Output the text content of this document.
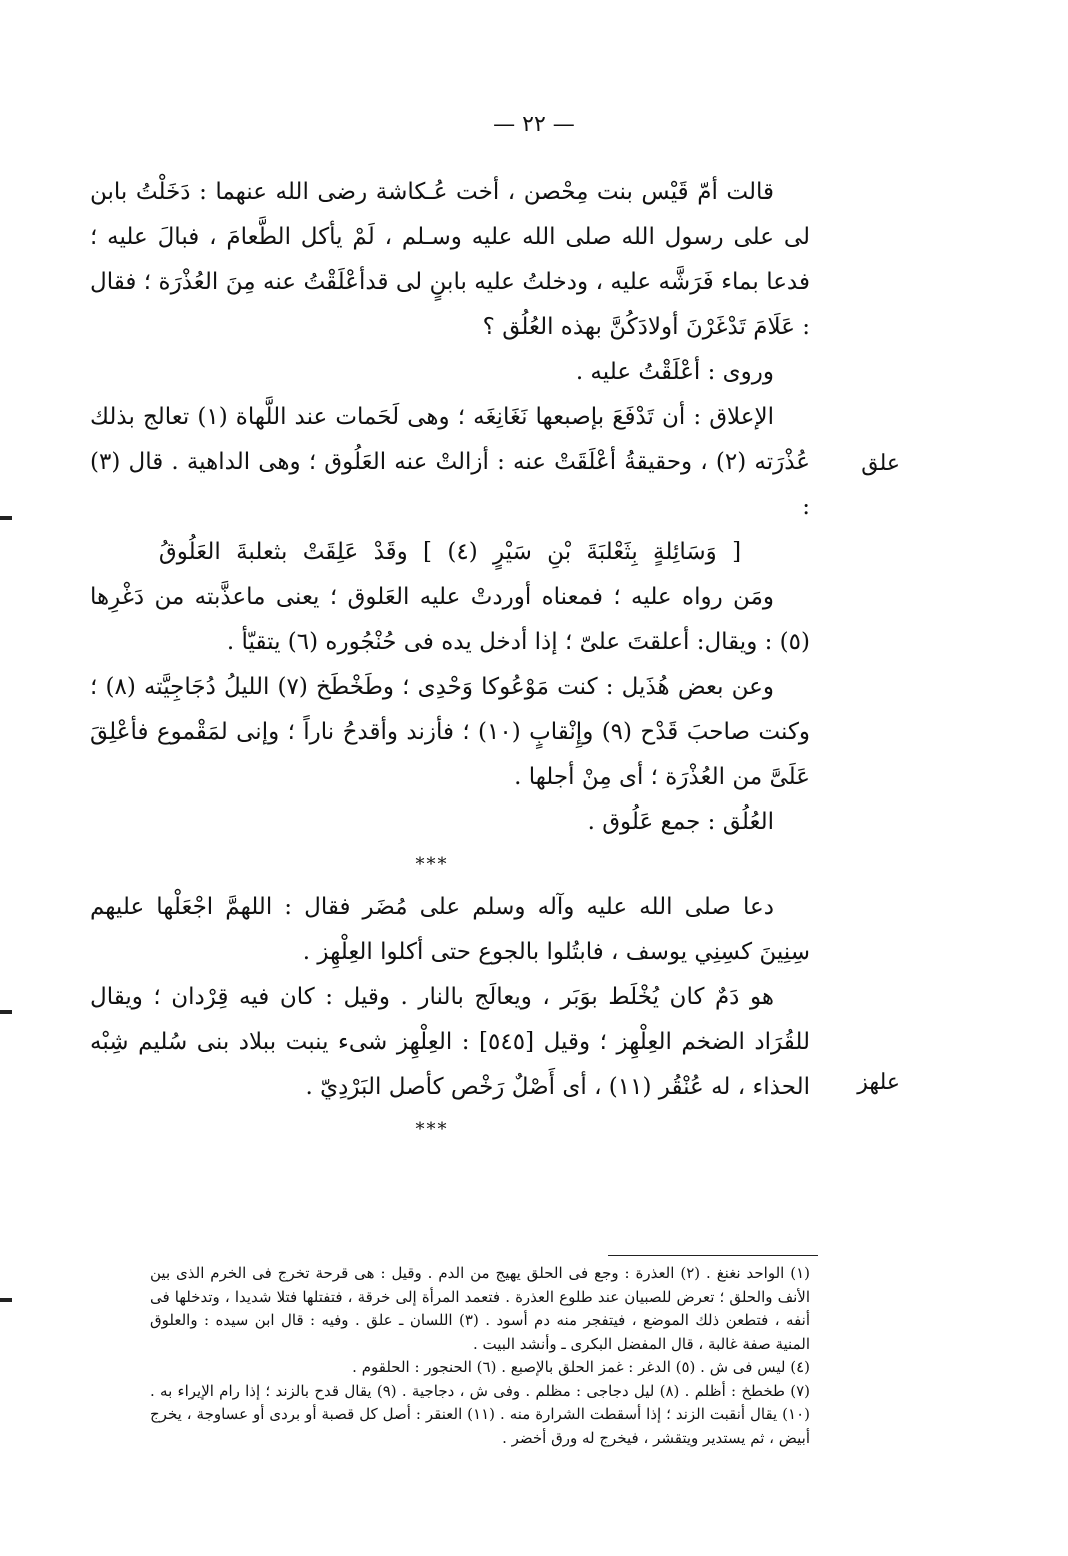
— ٢٢ —
علق
علهز

قالت أمّ قَيْس بنت مِحْصن ، أخت عُـكاشة رضى الله عنهما : دَخَلْتُ بابن لى على رسول الله صلى الله عليه وسـلم ، لَمْ يأكل الطَّعامَ ، فبالَ عليه ؛ فدعا بماء فَرَشَّه عليه ، ودخلتُ عليه بابنٍ لى قدأعْلَقْتُ عنه مِنَ العُذْرَة ؛ فقال : عَلَامَ تَدْغَرْنَ أولادَكُنَّ بهذه العُلُق ؟

وروى : أعْلَقْتُ عليه .

الإعلاق : أن تَدْفَعَ بإصبعها نَغَانِغَه ؛ وهى لَحَمات عند اللَّهاة (١) تعالج بذلك عُذْرَته (٢) ، وحقيقةُ أعْلَقَتْ عنه : أزالتْ عنه العَلُوق ؛ وهى الداهية . قال (٣) :

[ وَسَائِلةٍ بِثَعْلبَةَ بْنِ سَيْرٍ (٤) ] وقَدْ عَلِقَتْ بثعلبةَ العَلُوقُ

ومَن رواه عليه ؛ فمعناه أوردتْ عليه العَلوق ؛ يعنى ماعذَّبته من دَغْرِها (٥) : ويقال: أعلقتَ علىّ ؛ إذا أدخل يده فى حُنْجُوره (٦) يتقيّأ .

وعن بعض هُذَيل : كنت مَوْعُوكا وَحْدِى ؛ وطَخْطَخ (٧) الليلُ دُجَاجِيَّته (٨) ؛ وكنت صاحبَ قَدْح (٩) وإِنْقابٍ (١٠) ؛ فأزند وأقدحُ ناراً ؛ وإنى لمَقْموع فأعْلِقَ عَلَىَّ من العُذْرَة ؛ أى مِنْ أجلها .

العُلُق : جمع عَلُوق .

***

دعا صلى الله عليه وآله وسلم على مُضَر فقال : اللهمَّ اجْعَلْها عليهم سِنِينَ كسِنِي يوسف ، فابتُلوا بالجوع حتى أكلوا العِلْهِز .

هو دَمٌ كان يُخْلَط بوَبَر ، ويعالَج بالنار . وقيل : كان فيه قِرْدان ؛ ويقال للقُرَاد الضخم العِلْهِز ؛ وقيل [٥٤٥] : العِلْهِز شىء ينبت ببلاد بنى سُليم شِبْه الحذاء ، له عُنْقُر (١١) ، أى أَصْلٌ رَخْص كأصل البَرْدِيّ .

***

(١) الواحد نغنغ . (٢) العذرة : وجع فى الحلق يهيج من الدم . وقيل : هى قرحة تخرج فى الخرم الذى بين الأنف والحلق ؛ تعرض للصبيان عند طلوع العذرة . فتعمد المرأة إلى خرقة ، فتفتلها فتلا شديدا ، وتدخلها فى أنفه ، فتطعن ذلك الموضع ، فيتفجر منه دم أسود . (٣) اللسان ـ علق . وفيه : قال ابن سيده : والعلوق المنية صفة غالبة ، قال المفضل البكرى ـ وأنشد البيت .

(٤) ليس فى ش . (٥) الدغر : غمز الحلق بالإصبع . (٦) الحنجور : الحلقوم .

(٧) طخطخ : أظلم . (٨) ليل دجاجى : مظلم . وفى ش ، دجاجية . (٩) يقال قدح بالزند ؛ إذا رام الإيراء به . (١٠) يقال أنقبت الزند ؛ إذا أسقطت الشرارة منه . (١١) العنقر : أصل كل قصبة أو بردى أو عساوجة ، يخرج أبيض ، ثم يستدير ويتقشر ، فيخرج له ورق أخضر .
